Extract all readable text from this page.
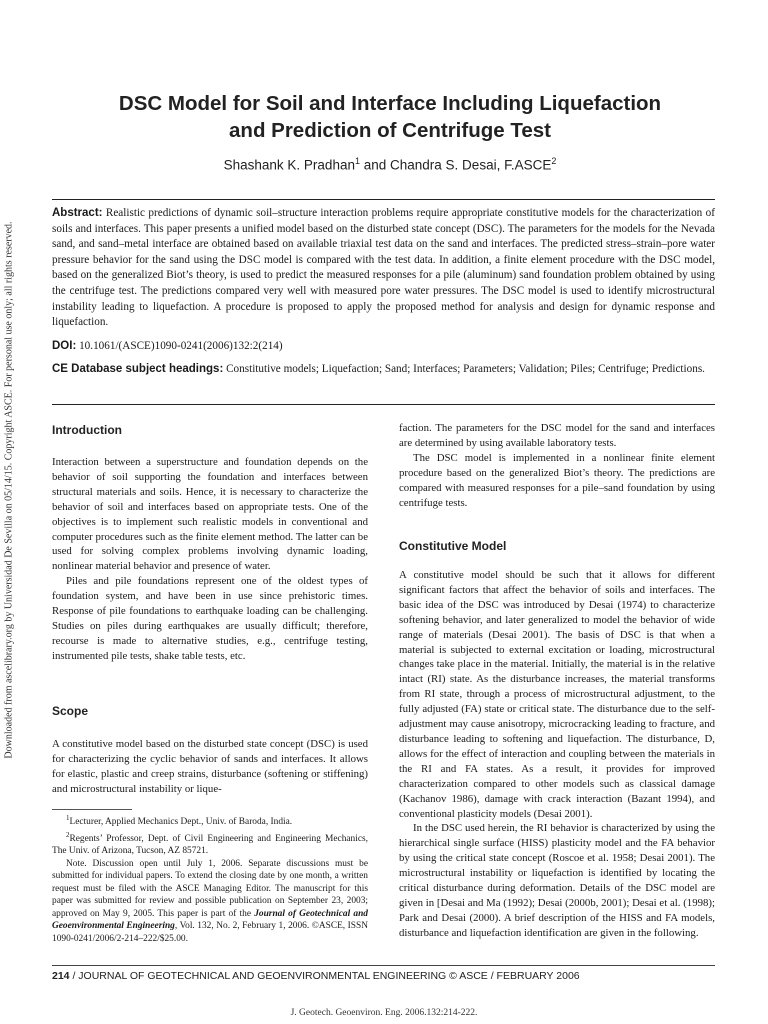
Downloaded from ascelibrary.org by Universidad De Sevilla on 05/14/15. Copyright ASCE. For personal use only; all rights reserved.
DSC Model for Soil and Interface Including Liquefaction
and Prediction of Centrifuge Test
Shashank K. Pradhan$^1$ and Chandra S. Desai, F.ASCE$^2$

Abstract: Realistic predictions of dynamic soil–structure interaction problems require appropriate constitutive models for the characterization of soils and interfaces. This paper presents a unified model based on the disturbed state concept (DSC). The parameters for the models for the Nevada sand, and sand–metal interface are obtained based on available triaxial test data on the sand and interfaces. The predicted stress–strain–pore water pressure behavior for the sand using the DSC model is compared with the test data. In addition, a finite element procedure with the DSC model, based on the generalized Biot’s theory, is used to predict the measured responses for a pile (aluminum) sand foundation problem obtained by using the centrifuge test. The predictions compared very well with measured pore water pressures. The DSC model is used to identify microstructural instability leading to liquefaction. A procedure is proposed to apply the proposed method for analysis and design for dynamic response and liquefaction.

DOI: 10.1061/(ASCE)1090-0241(2006)132:2(214)

CE Database subject headings: Constitutive models; Liquefaction; Sand; Interfaces; Parameters; Validation; Piles; Centrifuge; Predictions.

Introduction

Interaction between a superstructure and foundation depends on the behavior of soil supporting the foundation and interfaces between structural materials and soils. Hence, it is necessary to characterize the behavior of soil and interfaces based on appropriate tests. One of the objectives is to implement such realistic models in conventional and computer procedures such as the finite element method. The latter can be used for solving complex problems involving dynamic loading, nonlinear material behavior and presence of water.

Piles and pile foundations represent one of the oldest types of foundation system, and have been in use since prehistoric times. Response of pile foundations to earthquake loading can be challenging. Studies on piles during earthquakes are usually difficult; therefore, recourse is made to alternative studies, e.g., centrifuge testing, instrumented pile tests, shake table tests, etc.

Scope

A constitutive model based on the disturbed state concept (DSC) is used for characterizing the cyclic behavior of sands and interfaces. It allows for elastic, plastic and creep strains, disturbance (softening or stiffening) and microstructural instability or lique-

$^1$Lecturer, Applied Mechanics Dept., Univ. of Baroda, India.

$^2$Regents’ Professor, Dept. of Civil Engineering and Engineering Mechanics, The Univ. of Arizona, Tucson, AZ 85721.

Note. Discussion open until July 1, 2006. Separate discussions must be submitted for individual papers. To extend the closing date by one month, a written request must be filed with the ASCE Managing Editor. The manuscript for this paper was submitted for review and possible publication on September 23, 2003; approved on May 9, 2005. This paper is part of the Journal of Geotechnical and Geoenvironmental Engineering, Vol. 132, No. 2, February 1, 2006. ©ASCE, ISSN 1090-0241/2006/2-214–222/$25.00.

faction. The parameters for the DSC model for the sand and interfaces are determined by using available laboratory tests.

The DSC model is implemented in a nonlinear finite element procedure based on the generalized Biot’s theory. The predictions are compared with measured responses for a pile–sand foundation by using centrifuge tests.

Constitutive Model

A constitutive model should be such that it allows for different significant factors that affect the behavior of soils and interfaces. The basic idea of the DSC was introduced by Desai (1974) to characterize softening behavior, and later generalized to model the behavior of wide range of materials (Desai 2001). The basis of DSC is that when a material is subjected to external excitation or loading, microstructural changes take place in the material. Initially, the material is in the relative intact (RI) state. As the disturbance increases, the material transforms from RI state, through a process of microstructural adjustment, to the fully adjusted (FA) state or critical state. The disturbance due to the self-adjustment may cause anisotropy, microcracking leading to fracture, and disturbance leading to softening and liquefaction. The disturbance, D, allows for the effect of interaction and coupling between the materials in the RI and FA states. As a result, it provides for improved characterization compared to other models such as classical damage (Kachanov 1986), damage with crack interaction (Bazant 1994), and conventional plasticity models (Desai 2001).

In the DSC used herein, the RI behavior is characterized by using the hierarchical single surface (HISS) plasticity model and the FA behavior by using the critical state concept (Roscoe et al. 1958; Desai 2001). The microstructural instability or liquefaction is identified by locating the critical disturbance during deformation. Details of the DSC model are given in [Desai and Ma (1992); Desai (2000b, 2001); Desai et al. (1998); Park and Desai (2000). A brief description of the HISS and FA models, disturbance and liquefaction identification are given in the following.

214 / JOURNAL OF GEOTECHNICAL AND GEOENVIRONMENTAL ENGINEERING © ASCE / FEBRUARY 2006
J. Geotech. Geoenviron. Eng. 2006.132:214-222.
